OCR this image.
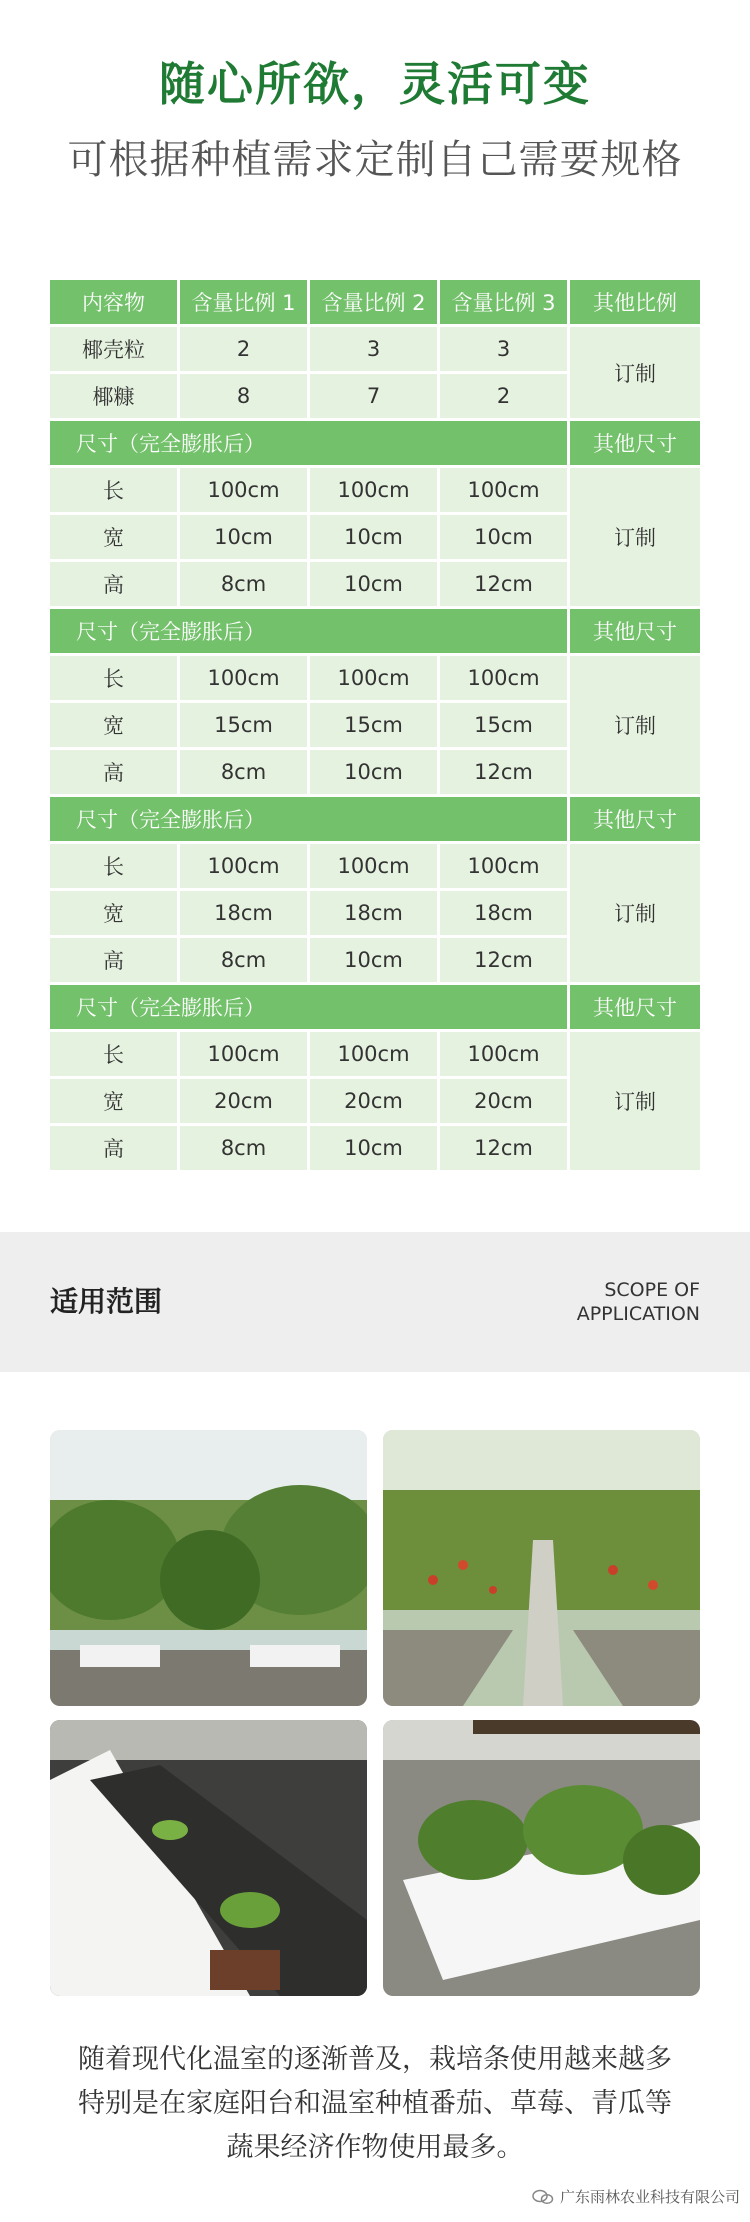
随心所欲，灵活可变
可根据种植需求定制自己需要规格
内容物	含量比例 1	含量比例 2	含量比例 3	其他比例
椰壳粒	2	3	3
椰糠	8	7	2
订制
尺寸（完全膨胀后）	其他尺寸
长	100cm	100cm	100cm
宽	10cm	10cm	10cm
高	8cm	10cm	12cm
订制
尺寸（完全膨胀后）	其他尺寸
长	100cm	100cm	100cm
宽	15cm	15cm	15cm
高	8cm	10cm	12cm
订制
尺寸（完全膨胀后）	其他尺寸
长	100cm	100cm	100cm
宽	18cm	18cm	18cm
高	8cm	10cm	12cm
订制
尺寸（完全膨胀后）	其他尺寸
长	100cm	100cm	100cm
宽	20cm	20cm	20cm
高	8cm	10cm	12cm
订制
适用范围	SCOPE OF
APPLICATION
随着现代化温室的逐渐普及，栽培条使用越来越多
特别是在家庭阳台和温室种植番茄、草莓、青瓜等
蔬果经济作物使用最多。
广东雨林农业科技有限公司
